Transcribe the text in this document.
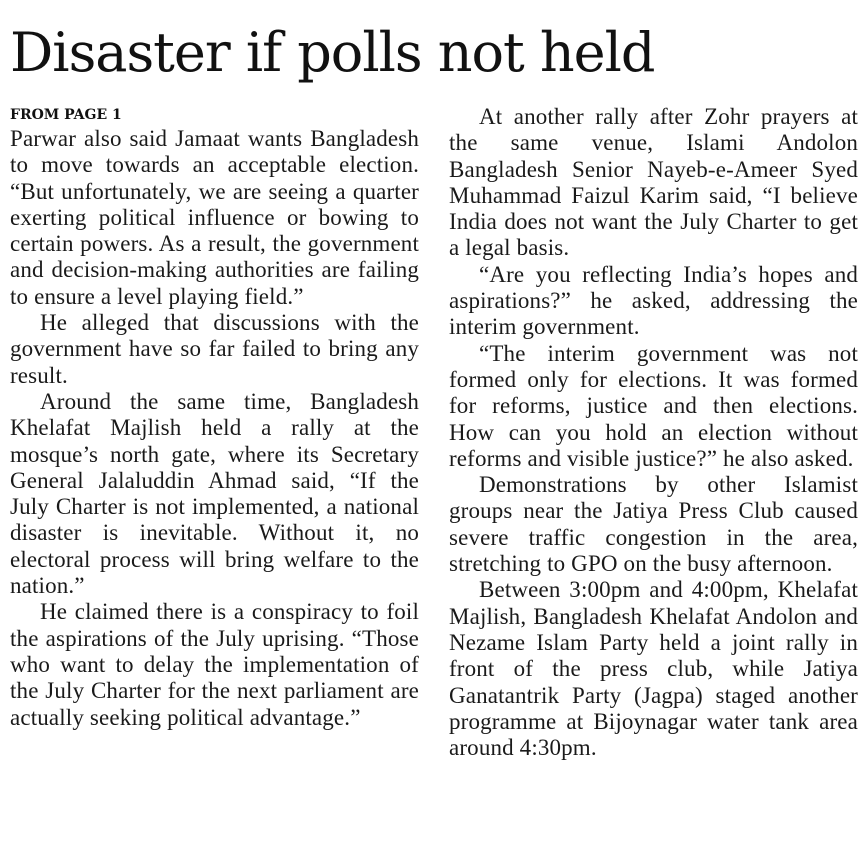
Disaster if polls not held

FROM PAGE 1

Parwar also said Jamaat wants Bangladesh to move towards an acceptable election. “But unfortunately, we are seeing a quarter exerting political influence or bowing to certain powers. As a result, the government and decision-making authorities are failing to ensure a level playing field.”

He alleged that discussions with the government have so far failed to bring any result.

Around the same time, Bangladesh Khelafat Majlish held a rally at the mosque’s north gate, where its Secretary General Jalaluddin Ahmad said, “If the July Charter is not implemented, a national disaster is inevitable. Without it, no electoral process will bring welfare to the nation.”

He claimed there is a conspiracy to foil the aspirations of the July uprising. “Those who want to delay the implementation of the July Charter for the next parliament are actually seeking political advantage.”

At another rally after Zohr prayers at the same venue, Islami Andolon Bangladesh Senior Nayeb-e-Ameer Syed Muhammad Faizul Karim said, “I believe India does not want the July Charter to get a legal basis.

“Are you reflecting India’s hopes and aspirations?” he asked, addressing the interim government.

“The interim government was not formed only for elections. It was formed for reforms, justice and then elections. How can you hold an election without reforms and visible justice?” he also asked.

Demonstrations by other Islamist groups near the Jatiya Press Club caused severe traffic congestion in the area, stretching to GPO on the busy afternoon.

Between 3:00pm and 4:00pm, Khelafat Majlish, Bangladesh Khelafat Andolon and Nezame Islam Party held a joint rally in front of the press club, while Jatiya Ganatantrik Party (Jagpa) staged another programme at Bijoynagar water tank area around 4:30pm.
